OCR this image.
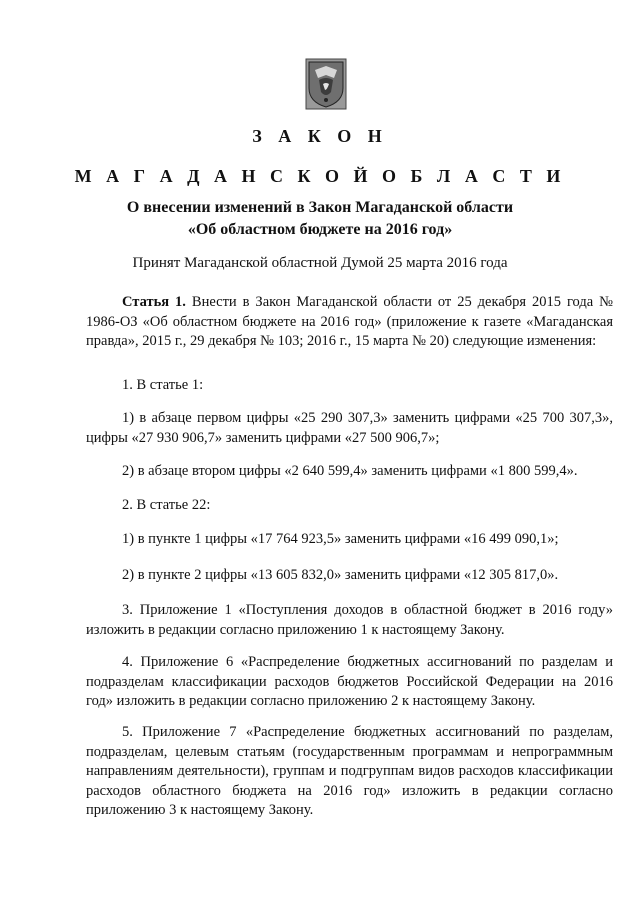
З А К О Н
М А Г А Д А Н С К О Й О Б Л А С Т И
О внесении изменений в Закон Магаданской области
«Об областном бюджете на 2016 год»
Принят Магаданской областной Думой 25 марта 2016 года
Статья 1. Внести в Закон Магаданской области от 25 декабря 2015 года № 1986-ОЗ «Об областном бюджете на 2016 год» (приложение к газете «Магаданская правда», 2015 г., 29 декабря № 103; 2016 г., 15 марта № 20) следующие изменения:
1. В статье 1:
1) в абзаце первом цифры «25 290 307,3» заменить цифрами «25 700 307,3», цифры «27 930 906,7» заменить цифрами «27 500 906,7»;
2) в абзаце втором цифры «2 640 599,4» заменить цифрами «1 800 599,4».
2. В статье 22:
1) в пункте 1 цифры «17 764 923,5» заменить цифрами «16 499 090,1»;
2) в пункте 2 цифры «13 605 832,0» заменить цифрами «12 305 817,0».
3. Приложение 1 «Поступления доходов в областной бюджет в 2016 году» изложить в редакции согласно приложению 1 к настоящему Закону.
4. Приложение 6 «Распределение бюджетных ассигнований по разделам и подразделам классификации расходов бюджетов Российской Федерации на 2016 год» изложить в редакции согласно приложению 2 к настоящему Закону.
5. Приложение 7 «Распределение бюджетных ассигнований по разделам, подразделам, целевым статьям (государственным программам и непрограммным направлениям деятельности), группам и подгруппам видов расходов классификации расходов областного бюджета на 2016 год» изложить в редакции согласно приложению 3 к настоящему Закону.
